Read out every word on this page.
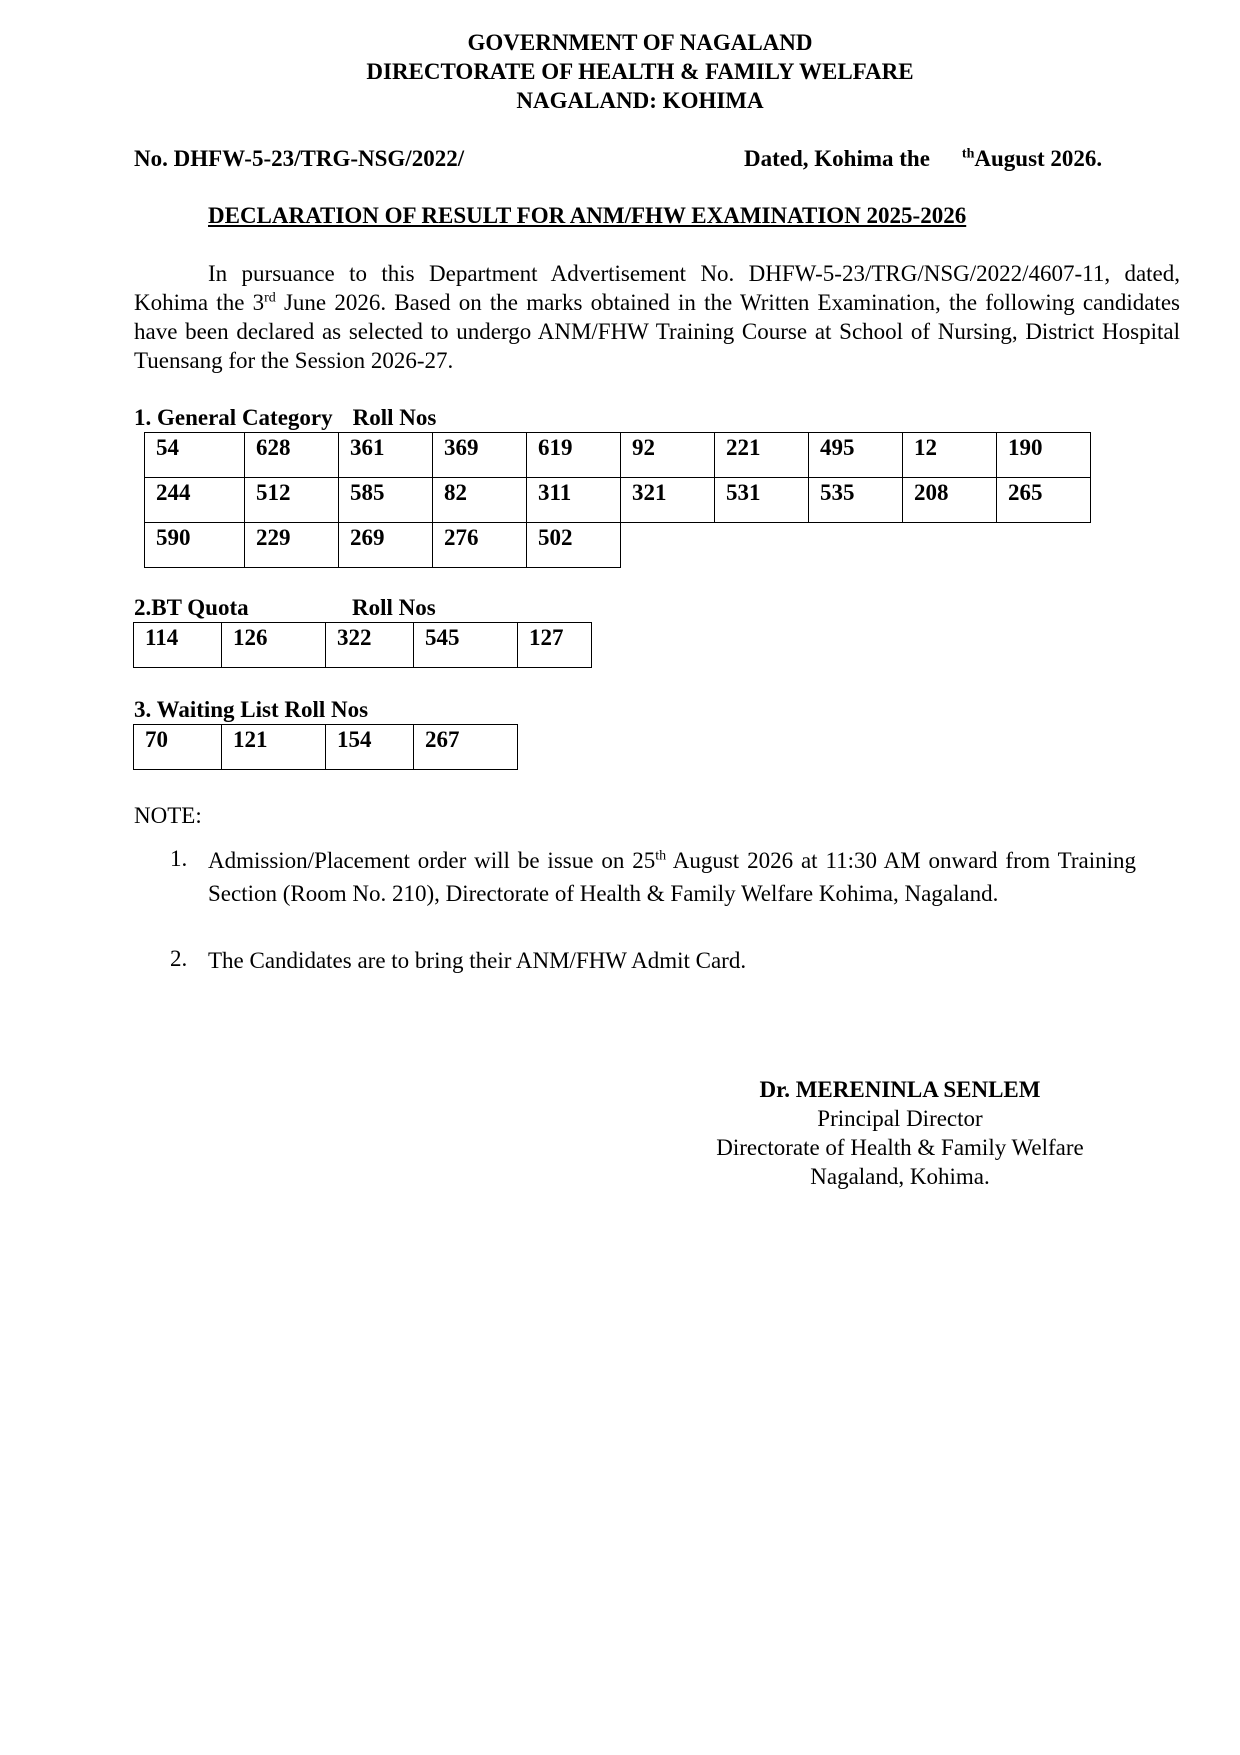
GOVERNMENT OF NAGALAND
DIRECTORATE OF HEALTH & FAMILY WELFARE
NAGALAND: KOHIMA
No. DHFW-5-23/TRG-NSG/2022/	Dated, Kohima the $^{th}$August 2026.
DECLARATION OF RESULT FOR ANM/FHW EXAMINATION 2025-2026
In pursuance to this Department Advertisement No. DHFW-5-23/TRG/NSG/2022/4607-11, dated, Kohima the 3rd June 2026. Based on the marks obtained in the Written Examination, the following candidates have been declared as selected to undergo ANM/FHW Training Course at School of Nursing, District Hospital Tuensang for the Session 2026-27.
1. General Category Roll Nos
54	628	361	369	619	92	221	495	12	190
244	512	585	82	311	321	531	535	208	265
590	229	269	276	502					
2.BT Quota	Roll Nos
114	126	322	545	127
3. Waiting List Roll Nos
70	121	154	267
NOTE:
1. Admission/Placement order will be issue on 25th August 2026 at 11:30 AM onward from Training Section (Room No. 210), Directorate of Health & Family Welfare Kohima, Nagaland.
2. The Candidates are to bring their ANM/FHW Admit Card.
Dr. MERENINLA SENLEM
Principal Director
Directorate of Health & Family Welfare
Nagaland, Kohima.
